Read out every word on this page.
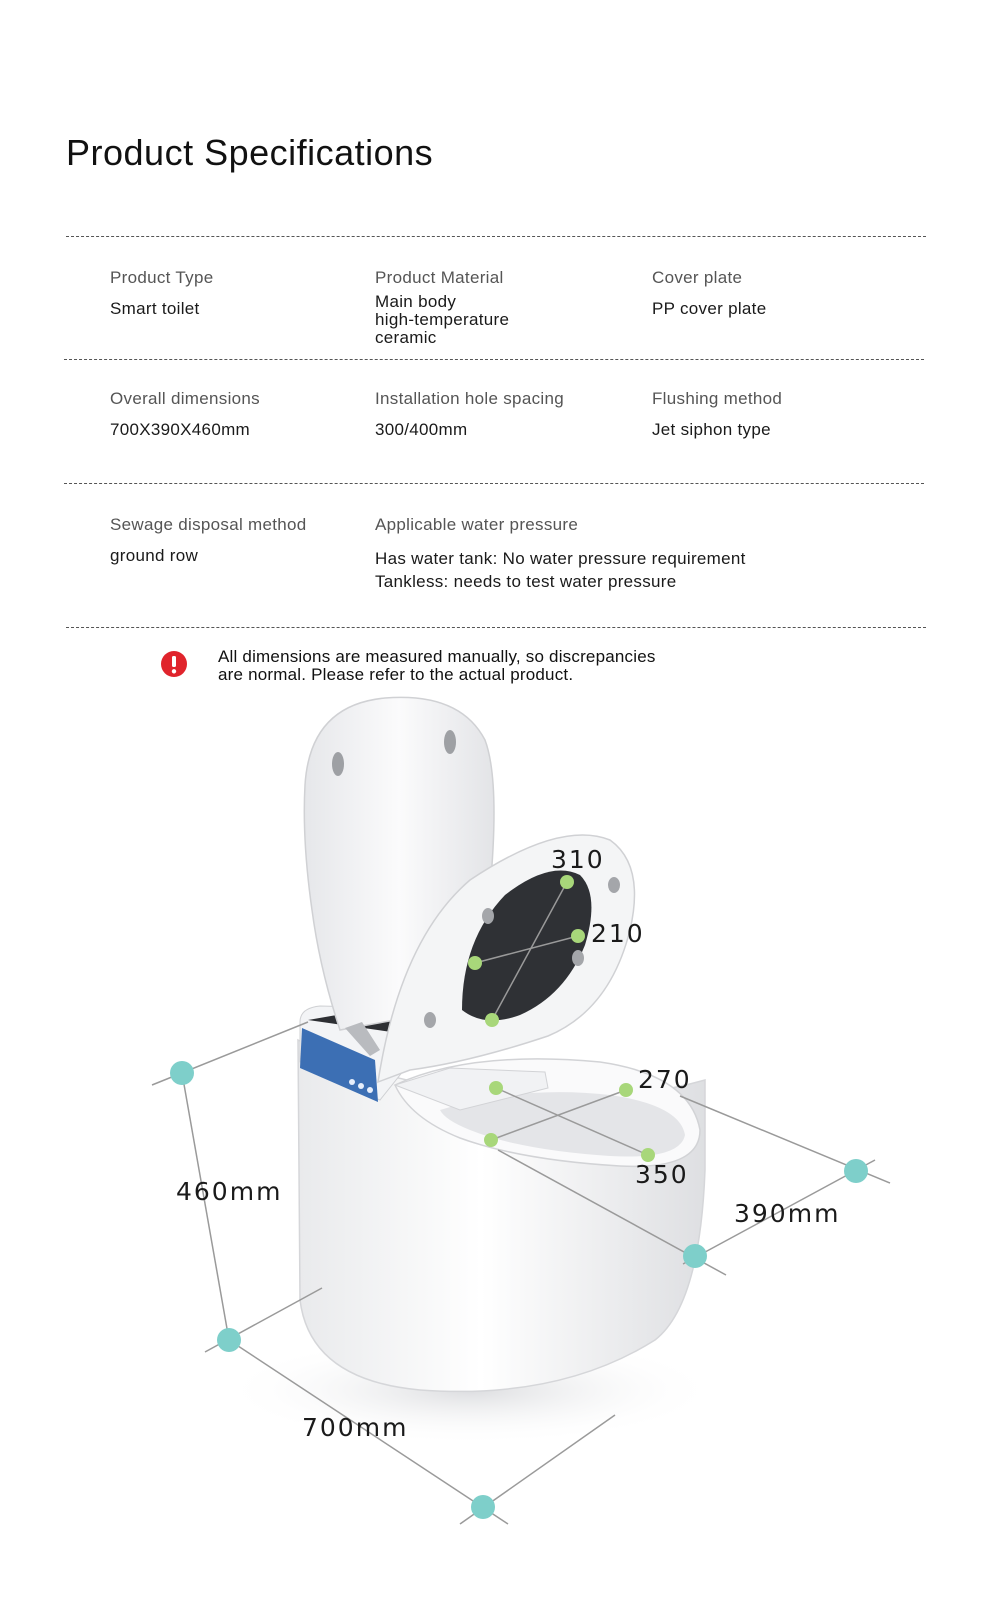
Product Specifications
Product Type
Smart toilet
Product Material
Main body
high-temperature
ceramic
Cover plate
PP cover plate
Overall dimensions
700X390X460mm
Installation hole spacing
300/400mm
Flushing method
Jet siphon type
Sewage disposal method
ground row
Applicable water pressure
Has water tank: No water pressure requirement
Tankless: needs to test water pressure
All dimensions are measured manually, so discrepancies
are normal. Please refer to the actual product.
310
210
270
350
460mm
390mm
700mm
